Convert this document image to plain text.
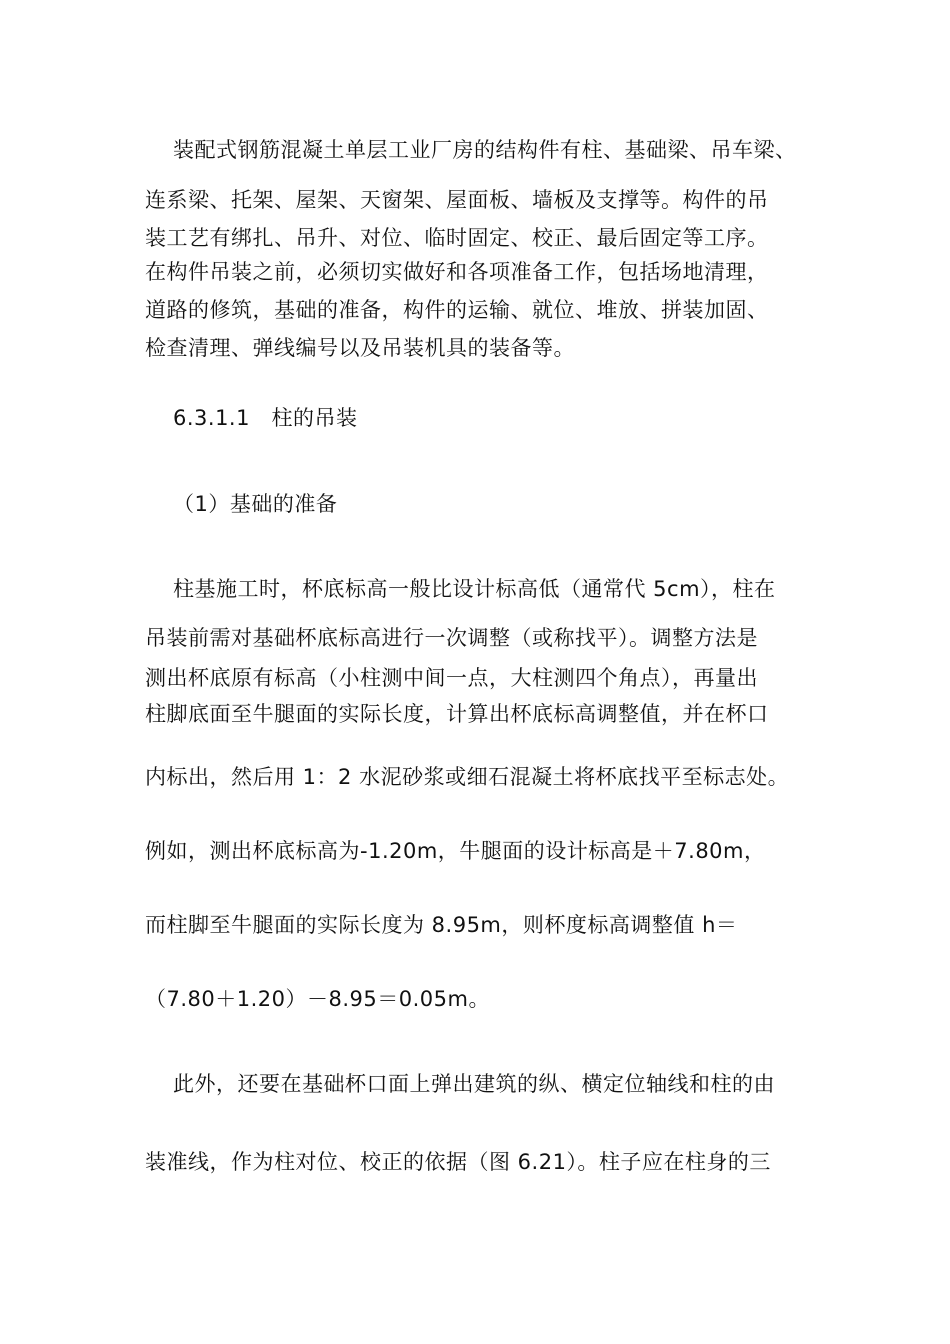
装配式钢筋混凝土单层工业厂房的结构件有柱、基础梁、吊车梁、
连系梁、托架、屋架、天窗架、屋面板、墙板及支撑等。构件的吊
装工艺有绑扎、吊升、对位、临时固定、校正、最后固定等工序。
在构件吊装之前，必须切实做好和各项准备工作，包括场地清理，
道路的修筑，基础的准备，构件的运输、就位、堆放、拼装加固、
检查清理、弹线编号以及吊装机具的装备等。
6.3.1.1　柱的吊装
（1）基础的准备
柱基施工时，杯底标高一般比设计标高低（通常代 5cm），柱在
吊装前需对基础杯底标高进行一次调整（或称找平）。调整方法是
测出杯底原有标高（小柱测中间一点，大柱测四个角点），再量出
柱脚底面至牛腿面的实际长度，计算出杯底标高调整值，并在杯口
内标出，然后用 1：2 水泥砂浆或细石混凝土将杯底找平至标志处。
例如，测出杯底标高为-1.20m，牛腿面的设计标高是＋7.80m，
而柱脚至牛腿面的实际长度为 8.95m，则杯度标高调整值 h＝
（7.80＋1.20）－8.95＝0.05m。
此外，还要在基础杯口面上弹出建筑的纵、横定位轴线和柱的由
装准线，作为柱对位、校正的依据（图 6.21）。柱子应在柱身的三
